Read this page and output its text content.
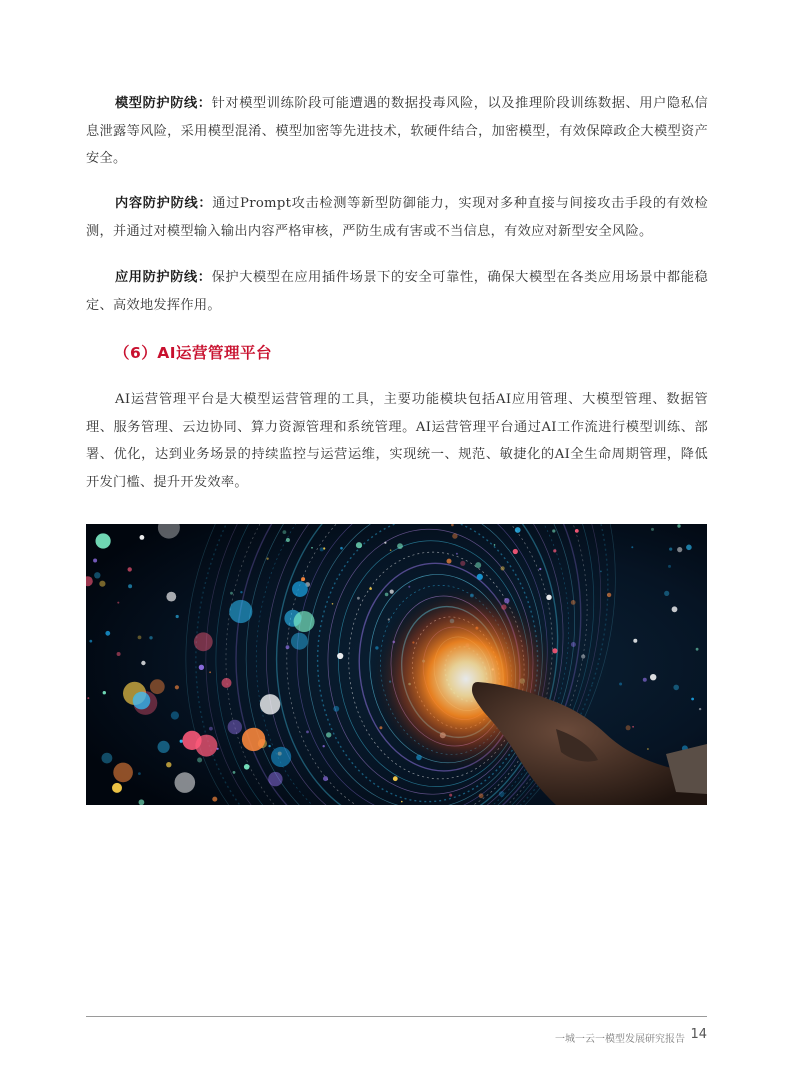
模型防护防线：针对模型训练阶段可能遭遇的数据投毒风险，以及推理阶段训练数据、用户隐私信息泄露等风险，采用模型混淆、模型加密等先进技术，软硬件结合，加密模型，有效保障政企大模型资产安全。

内容防护防线：通过Prompt攻击检测等新型防御能力，实现对多种直接与间接攻击手段的有效检测，并通过对模型输入输出内容严格审核，严防生成有害或不当信息，有效应对新型安全风险。

应用防护防线：保护大模型在应用插件场景下的安全可靠性，确保大模型在各类应用场景中都能稳定、高效地发挥作用。

（6）AI运营管理平台

AI运营管理平台是大模型运营管理的工具，主要功能模块包括AI应用管理、大模型管理、数据管理、服务管理、云边协同、算力资源管理和系统管理。AI运营管理平台通过AI工作流进行模型训练、部署、优化，达到业务场景的持续监控与运营运维，实现统一、规范、敏捷化的AI全生命周期管理，降低开发门槛、提升开发效率。

一城一云一模型发展研究报告 14
